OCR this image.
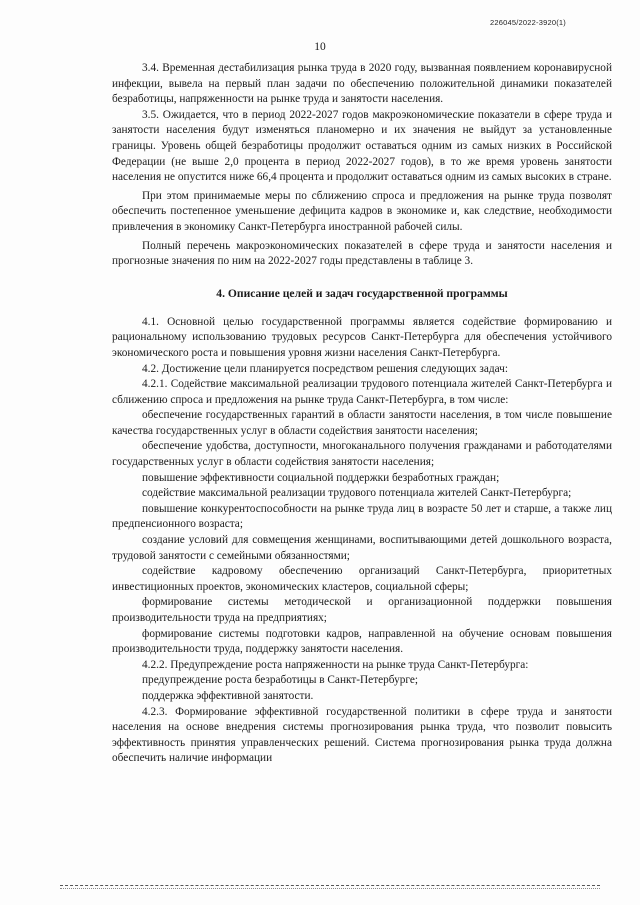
226045/2022-3920(1)
10

3.4. Временная дестабилизация рынка труда в 2020 году, вызванная появлением коронавирусной инфекции, вывела на первый план задачи по обеспечению положительной динамики показателей безработицы, напряженности на рынке труда и занятости населения.

3.5. Ожидается, что в период 2022-2027 годов макроэкономические показатели в сфере труда и занятости населения будут изменяться планомерно и их значения не выйдут за установленные границы. Уровень общей безработицы продолжит оставаться одним из самых низких в Российской Федерации (не выше 2,0 процента в период 2022-2027 годов), в то же время уровень занятости населения не опустится ниже 66,4 процента и продолжит оставаться одним из самых высоких в стране.

При этом принимаемые меры по сближению спроса и предложения на рынке труда позволят обеспечить постепенное уменьшение дефицита кадров в экономике и, как следствие, необходимости привлечения в экономику Санкт-Петербурга иностранной рабочей силы.

Полный перечень макроэкономических показателей в сфере труда и занятости населения и прогнозные значения по ним на 2022-2027 годы представлены в таблице 3.

4. Описание целей и задач государственной программы

4.1. Основной целью государственной программы является содействие формированию и рациональному использованию трудовых ресурсов Санкт-Петербурга для обеспечения устойчивого экономического роста и повышения уровня жизни населения Санкт-Петербурга.

4.2. Достижение цели планируется посредством решения следующих задач:

4.2.1. Содействие максимальной реализации трудового потенциала жителей Санкт-Петербурга и сближению спроса и предложения на рынке труда Санкт-Петербурга, в том числе:

обеспечение государственных гарантий в области занятости населения, в том числе повышение качества государственных услуг в области содействия занятости населения;

обеспечение удобства, доступности, многоканального получения гражданами и работодателями государственных услуг в области содействия занятости населения;

повышение эффективности социальной поддержки безработных граждан;

содействие максимальной реализации трудового потенциала жителей Санкт-Петербурга;

повышение конкурентоспособности на рынке труда лиц в возрасте 50 лет и старше, а также лиц предпенсионного возраста;

создание условий для совмещения женщинами, воспитывающими детей дошкольного возраста, трудовой занятости с семейными обязанностями;

содействие кадровому обеспечению организаций Санкт-Петербурга, приоритетных инвестиционных проектов, экономических кластеров, социальной сферы;

формирование системы методической и организационной поддержки повышения производительности труда на предприятиях;

формирование системы подготовки кадров, направленной на обучение основам повышения производительности труда, поддержку занятости населения.

4.2.2. Предупреждение роста напряженности на рынке труда Санкт-Петербурга:

предупреждение роста безработицы в Санкт-Петербурге;

поддержка эффективной занятости.

4.2.3. Формирование эффективной государственной политики в сфере труда и занятости населения на основе внедрения системы прогнозирования рынка труда, что позволит повысить эффективность принятия управленческих решений. Система прогнозирования рынка труда должна обеспечить наличие информации
